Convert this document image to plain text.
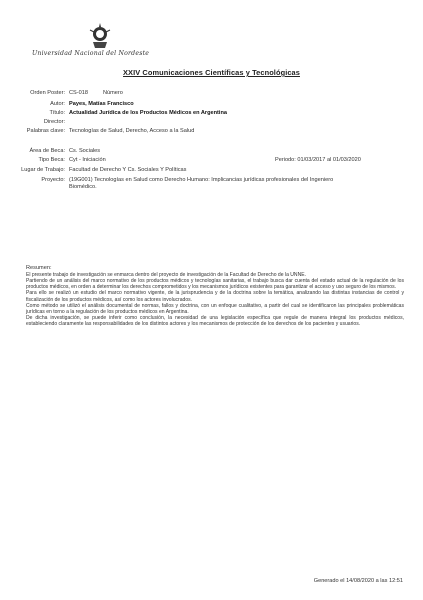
Universidad Nacional del Nordeste
XXIV Comunicaciones Científicas y Tecnológicas
Orden Poster: CS-018	Número
Autor: Payes, Matías Francisco
Título: Actualidad Jurídica de los Productos Médicos en Argentina
Director:
Palabras clave: Tecnologías de Salud, Derecho, Acceso a la Salud
Área de Beca: Cs. Sociales
Tipo Beca: Cyt - Iniciación	Periodo: 01/03/2017 al 01/03/2020
Lugar de Trabajo: Facultad de Derecho Y Cs. Sociales Y Políticas
Proyecto: (19G001) Tecnologías en Salud como Derecho Humano: Implicancias jurídicas profesionales del Ingeniero Biomédico.
Resumen:

El presente trabajo de investigación se enmarca dentro del proyecto de investigación de la Facultad de Derecho de la UNNE.

Partiendo de un análisis del marco normativo de los productos médicos y tecnologías sanitarias, el trabajo busca dar cuenta del estado actual de la regulación de los productos médicos, en orden a determinar los derechos comprometidos y los mecanismos jurídicos existentes para garantizar el acceso y uso seguro de los mismos.

Para ello se realizó un estudio del marco normativo vigente, de la jurisprudencia y de la doctrina sobre la temática, analizando las distintas instancias de control y fiscalización de los productos médicos, así como los actores involucrados.

Como método se utilizó el análisis documental de normas, fallos y doctrina, con un enfoque cualitativo, a partir del cual se identificaron las principales problemáticas jurídicas en torno a la regulación de los productos médicos en Argentina.

De dicha investigación, se puede inferir como conclusión, la necesidad de una legislación específica que regule de manera integral los productos médicos, estableciendo claramente las responsabilidades de los distintos actores y los mecanismos de protección de los derechos de los pacientes y usuarios.

Generado el 14/08/2020 a las 12:51
